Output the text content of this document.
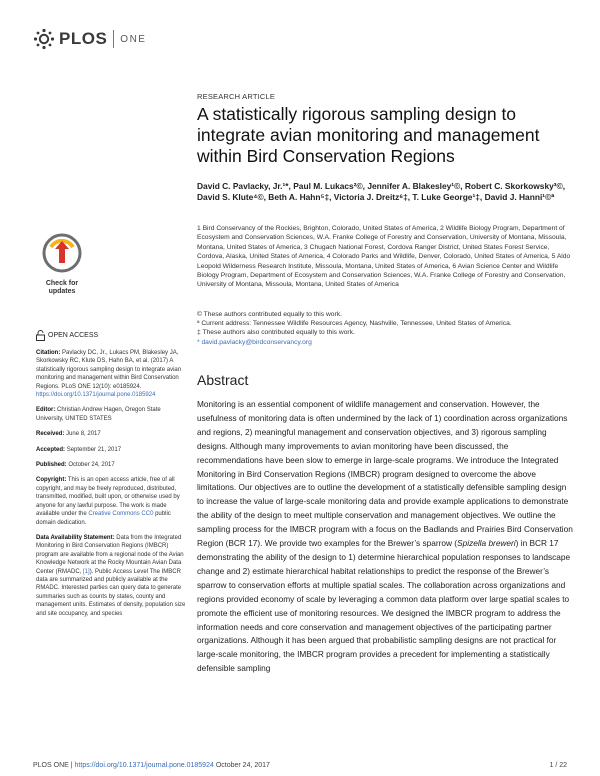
PLOS ONE
Check for
updates
OPEN ACCESS

Citation: Pavlacky DC, Jr., Lukacs PM, Blakesley JA, Skorkowsky RC, Klute DS, Hahn BA, et al. (2017) A statistically rigorous sampling design to integrate avian monitoring and management within Bird Conservation Regions. PLoS ONE 12(10): e0185924. https://doi.org/10.1371/journal.pone.0185924

Editor: Christian Andrew Hagen, Oregon State University, UNITED STATES

Received: June 8, 2017

Accepted: September 21, 2017

Published: October 24, 2017

Copyright: This is an open access article, free of all copyright, and may be freely reproduced, distributed, transmitted, modified, built upon, or otherwise used by anyone for any lawful purpose. The work is made available under the Creative Commons CC0 public domain dedication.

Data Availability Statement: Data from the Integrated Monitoring in Bird Conservation Regions (IMBCR) program are available from a regional node of the Avian Knowledge Network at the Rocky Mountain Avian Data Center (RMADC, [1]). Public Access Level The IMBCR data are summarized and publicly available at the RMADC. Interested parties can query data to generate summaries such as counts by states, county and management units. Estimates of density, population size and site occupancy, and species

RESEARCH ARTICLE
A statistically rigorous sampling design to integrate avian monitoring and management within Bird Conservation Regions
David C. Pavlacky, Jr.¹*, Paul M. Lukacs²©, Jennifer A. Blakesley¹©, Robert C. Skorkowsky³©, David S. Klute⁴©, Beth A. Hahn⁵‡, Victoria J. Dreitz⁶‡, T. Luke George¹‡, David J. Hanni¹©ª
1 Bird Conservancy of the Rockies, Brighton, Colorado, United States of America, 2 Wildlife Biology Program, Department of Ecosystem and Conservation Sciences, W.A. Franke College of Forestry and Conservation, University of Montana, Missoula, Montana, United States of America, 3 Chugach National Forest, Cordova Ranger District, United States Forest Service, Cordova, Alaska, United States of America, 4 Colorado Parks and Wildlife, Denver, Colorado, United States of America, 5 Aldo Leopold Wilderness Research Institute, Missoula, Montana, United States of America, 6 Avian Science Center and Wildlife Biology Program, Department of Ecosystem and Conservation Sciences, W.A. Franke College of Forestry and Conservation, University of Montana, Missoula, Montana, United States of America
© These authors contributed equally to this work.
ª Current address: Tennessee Wildlife Resources Agency, Nashville, Tennessee, United States of America.
‡ These authors also contributed equally to this work.
* david.pavlacky@birdconservancy.org
Abstract
Monitoring is an essential component of wildlife management and conservation. However, the usefulness of monitoring data is often undermined by the lack of 1) coordination across organizations and regions, 2) meaningful management and conservation objectives, and 3) rigorous sampling designs. Although many improvements to avian monitoring have been discussed, the recommendations have been slow to emerge in large-scale programs. We introduce the Integrated Monitoring in Bird Conservation Regions (IMBCR) program designed to overcome the above limitations. Our objectives are to outline the development of a statistically defensible sampling design to increase the value of large-scale monitoring data and provide example applications to demonstrate the ability of the design to meet multiple conservation and management objectives. We outline the sampling process for the IMBCR program with a focus on the Badlands and Prairies Bird Conservation Region (BCR 17). We provide two examples for the Brewer’s sparrow (Spizella breweri) in BCR 17 demonstrating the ability of the design to 1) determine hierarchical population responses to landscape change and 2) estimate hierarchical habitat relationships to predict the response of the Brewer’s sparrow to conservation efforts at multiple spatial scales. The collaboration across organizations and regions provided economy of scale by leveraging a common data platform over large spatial scales to promote the efficient use of monitoring resources. We designed the IMBCR program to address the information needs and core conservation and management objectives of the participating partner organizations. Although it has been argued that probabilistic sampling designs are not practical for large-scale monitoring, the IMBCR program provides a precedent for implementing a statistically defensible sampling
PLOS ONE | https://doi.org/10.1371/journal.pone.0185924 October 24, 2017	1 / 22
